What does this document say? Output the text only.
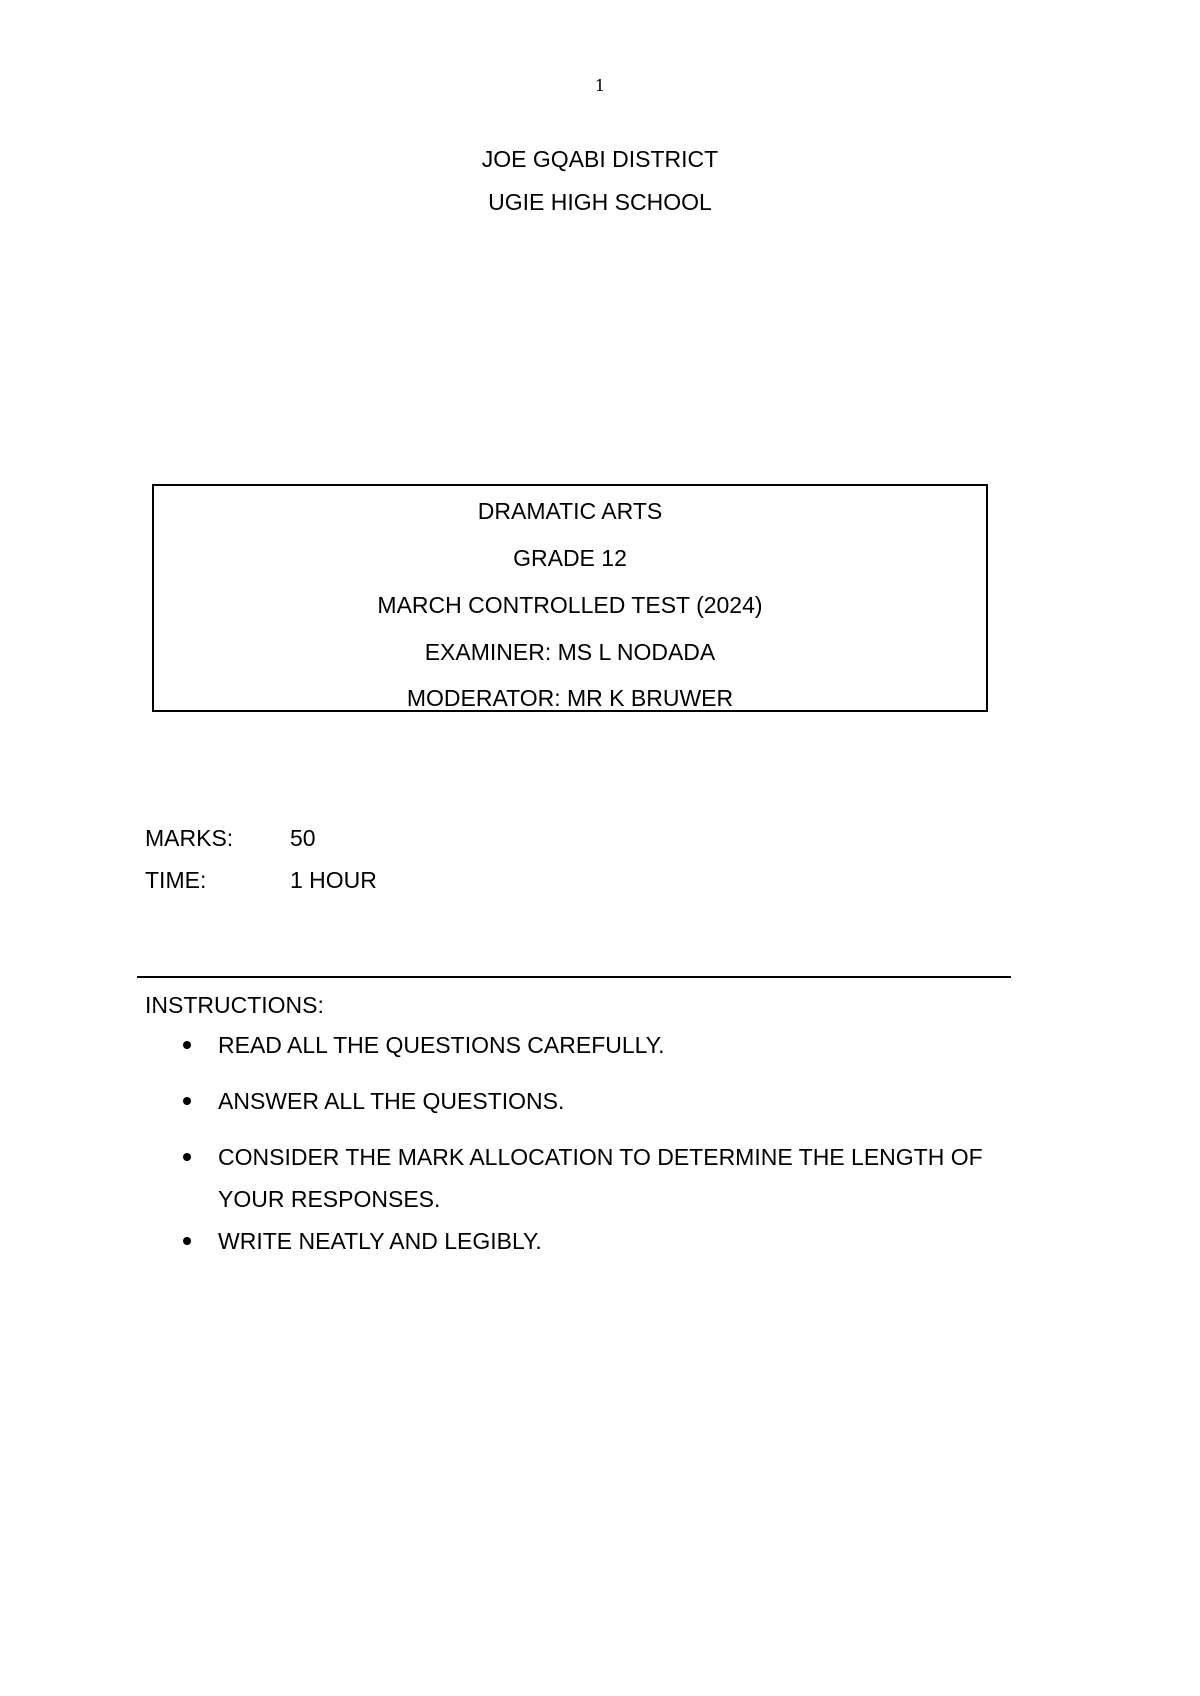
1
JOE GQABI DISTRICT
UGIE HIGH SCHOOL
DRAMATIC ARTS
GRADE 12
MARCH CONTROLLED TEST (2024)
EXAMINER: MS L NODADA
MODERATOR: MR K BRUWER
MARKS: 50
TIME:	1 HOUR
INSTRUCTIONS:
READ ALL THE QUESTIONS CAREFULLY.
ANSWER ALL THE QUESTIONS.
CONSIDER THE MARK ALLOCATION TO DETERMINE THE LENGTH OF YOUR RESPONSES.
WRITE NEATLY AND LEGIBLY.
